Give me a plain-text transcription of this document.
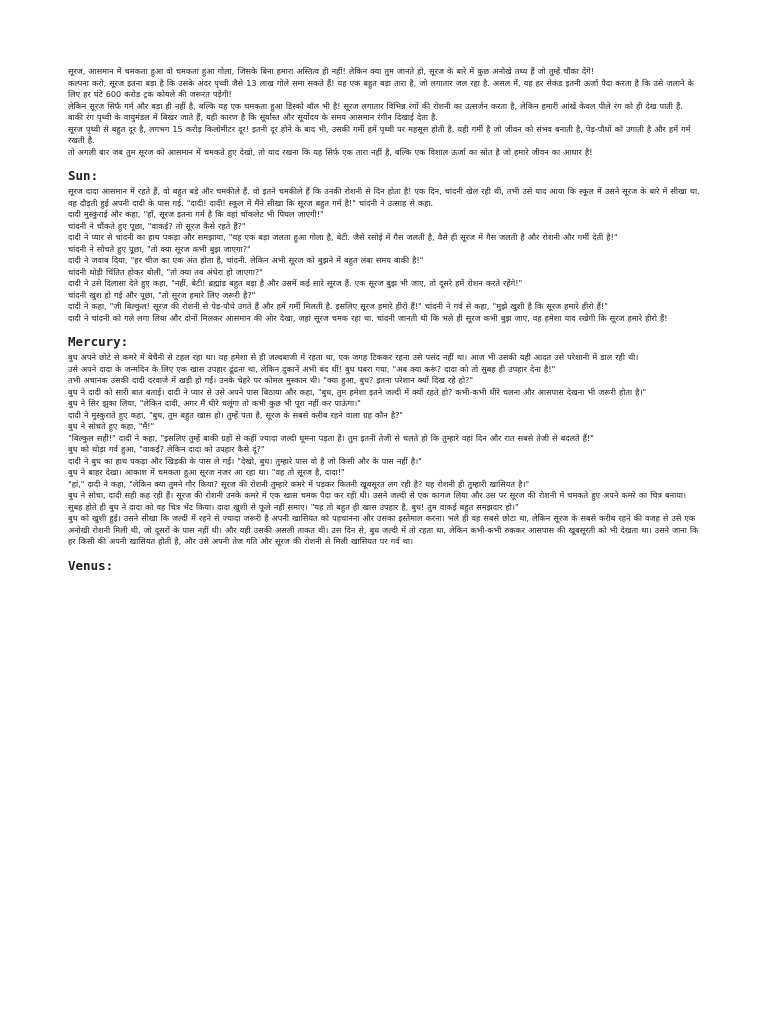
सूरज, आसमान में चमकता हुआ वो चमकता हुआ गोला, जिसके बिना हमारा अस्तित्व ही नहीं! लेकिन क्या तुम जानते हो, सूरज के बारे में कुछ अनोखे तथ्य हैं जो तुम्हें चौंका देंगे!

कल्पना करो, सूरज इतना बड़ा है कि उसके अंदर पृथ्वी जैसे 13 लाख गोले समा सकते हैं! यह एक बहुत बड़ा तारा है, जो लगातार जल रहा है. असल में, यह हर सेकंड इतनी ऊर्जा पैदा करता है कि उसे जलाने के लिए हर घंटे 600 करोड़ ट्रक कोयले की जरूरत पड़ेगी!

लेकिन सूरज सिर्फ गर्म और बड़ा ही नहीं है, बल्कि यह एक चमकता हुआ डिस्को बॉल भी है! सूरज लगातार विभिन्न रंगों की रोशनी का उत्सर्जन करता है, लेकिन हमारी आंखें केवल पीले रंग को ही देख पाती हैं. बाकी रंग पृथ्वी के वायुमंडल में बिखर जाते हैं, यही कारण है कि सूर्यास्त और सूर्योदय के समय आसमान रंगीन दिखाई देता है.

सूरज पृथ्वी से बहुत दूर है, लगभग 15 करोड़ किलोमीटर दूर! इतनी दूर होने के बाद भी, उसकी गर्मी हमें पृथ्वी पर महसूस होती है. यही गर्मी है जो जीवन को संभव बनाती है, पेड़-पौधों को उगाती है और हमें गर्म रखती है.

तो अगली बार जब तुम सूरज को आसमान में चमकते हुए देखो, तो याद रखना कि यह सिर्फ एक तारा नहीं है, बल्कि एक विशाल ऊर्जा का स्रोत है जो हमारे जीवन का आधार है!

Sun:

सूरज दादा आसमान में रहते हैं, वो बहुत बड़े और चमकीले हैं. वो इतने चमकीले हैं कि उनकी रोशनी से दिन होता है! एक दिन, चांदनी खेल रही थी, तभी उसे याद आया कि स्कूल में उसने सूरज के बारे में सीखा था. वह दौड़ती हुई अपनी दादी के पास गई. "दादी! दादी! स्कूल में मैंने सीखा कि सूरज बहुत गर्म है!" चांदनी ने उत्साह से कहा.

दादी मुस्कुराई और कहा, "हाँ, सूरज इतना गर्म है कि वहां चॉकलेट भी पिघल जाएगी!"

चांदनी ने चौंकते हुए पूछा, "वाकई? तो सूरज कैसे रहते हैं?"

दादी ने प्यार से चांदनी का हाथ पकड़ा और समझाया, "यह एक बड़ा जलता हुआ गोला है, बेटी. जैसे रसोई में गैस जलती है, वैसे ही सूरज में गैस जलती है और रोशनी और गर्मी देती है!"

चांदनी ने सोचते हुए पूछा, "तो क्या सूरज कभी बुझ जाएगा?"

दादी ने जवाब दिया, "हर चीज का एक अंत होता है, चांदनी. लेकिन अभी सूरज को बुझने में बहुत लंबा समय बाकी है!"

चांदनी थोड़ी चिंतित होकर बोली, "तो क्या तब अंधेरा हो जाएगा?"

दादी ने उसे दिलासा देते हुए कहा, "नहीं, बेटी! ब्रह्मांड बहुत बड़ा है और उसमें कई सारे सूरज हैं. एक सूरज बुझ भी जाए, तो दूसरे हमें रोशन करते रहेंगे!"

चांदनी खुश हो गई और पूछा, "तो सूरज हमारे लिए जरूरी है?"

दादी ने कहा, "जी बिल्कुल! सूरज की रोशनी से पेड़-पौधे उगते हैं और हमें गर्मी मिलती है. इसलिए सूरज हमारे हीरो हैं!" चांदनी ने गर्व से कहा, "मुझे खुशी है कि सूरज हमारे हीरो हैं!"

दादी ने चांदनी को गले लगा लिया और दोनों मिलकर आसमान की ओर देखा, जहां सूरज चमक रहा था. चांदनी जानती थी कि भले ही सूरज कभी बुझ जाए, वह हमेशा याद रखेगी कि सूरज हमारे हीरो हैं!

Mercury:

बुध अपने छोटे से कमरे में बेचैनी से टहल रहा था। वह हमेशा से ही जल्दबाजी में रहता था, एक जगह टिककर रहना उसे पसंद नहीं था। आज भी उसकी यही आदत उसे परेशानी में डाल रही थी।

उसे अपने दादा के जन्मदिन के लिए एक खास उपहार ढूंढना था, लेकिन दुकानें अभी बंद थीं! बुध घबरा गया, "अब क्या करूं? दादा को तो सुबह ही उपहार देना है!"

तभी अचानक उसकी दादी दरवाजे में खड़ी हो गईं। उनके चेहरे पर कोमल मुस्कान थी। "क्या हुआ, बुध? इतना परेशान क्यों दिख रहे हो?"

बुध ने दादी को सारी बात बताई। दादी ने प्यार से उसे अपने पास बिठाया और कहा, "बुध, तुम हमेशा इतने जल्दी में क्यों रहते हो? कभी-कभी धीरे चलना और आसपास देखना भी जरूरी होता है।"

बुध ने सिर झुका लिया, "लेकिन दादी, अगर मैं धीरे चलूंगा तो कभी कुछ भी पूरा नहीं कर पाऊंगा।"

दादी ने मुस्कुराते हुए कहा, "बुध, तुम बहुत खास हो। तुम्हें पता है, सूरज के सबसे करीब रहने वाला ग्रह कौन है?"

बुध ने सोचते हुए कहा, "मैं!"

"बिल्कुल सही!" दादी ने कहा, "इसलिए तुम्हें बाकी ग्रहों से कहीं ज्यादा जल्दी घूमना पड़ता है। तुम इतनी तेजी से चलते हो कि तुम्हारे वहां दिन और रात सबसे तेजी से बदलते हैं!"

बुध को थोड़ा गर्व हुआ, "वाकई? लेकिन दादा को उपहार कैसे दूं?"

दादी ने बुध का हाथ पकड़ा और खिड़की के पास ले गईं। "देखो, बुध। तुम्हारे पास वो है जो किसी और के पास नहीं है।"

बुध ने बाहर देखा। आकाश में चमकता हुआ सूरज नजर आ रहा था। "वह तो सूरज है, दादा!"

"हां," दादी ने कहा, "लेकिन क्या तुमने गौर किया? सूरज की रोशनी तुम्हारे कमरे में पड़कर कितनी खूबसूरत लग रही है? यह रोशनी ही तुम्हारी खासियत है।"

बुध ने सोचा, दादी सही कह रही हैं। सूरज की रोशनी उनके कमरे में एक खास चमक पैदा कर रही थी। उसने जल्दी से एक कागज लिया और उस पर सूरज की रोशनी में चमकते हुए अपने कमरे का चित्र बनाया।

सुबह होते ही बुध ने दादा को वह चित्र भेंट किया। दादा खुशी से फूले नहीं समाए। "यह तो बहुत ही खास उपहार है, बुध! तुम वाकई बहुत समझदार हो।"

बुध को खुशी हुई। उसने सीखा कि जल्दी में रहने से ज्यादा जरूरी है अपनी खासियत को पहचानना और उसका इस्तेमाल करना। भले ही वह सबसे छोटा था, लेकिन सूरज के सबसे करीब रहने की वजह से उसे एक अनोखी रोशनी मिली थी, जो दूसरों के पास नहीं थी। और यही उसकी असली ताकत थी। उस दिन से, बुध जल्दी में तो रहता था, लेकिन कभी-कभी रुककर आसपास की खूबसूरती को भी देखता था। उसने जाना कि हर किसी की अपनी खासियत होती है, और उसे अपनी तेज गति और सूरज की रोशनी से मिली खासियत पर गर्व था।

Venus:
